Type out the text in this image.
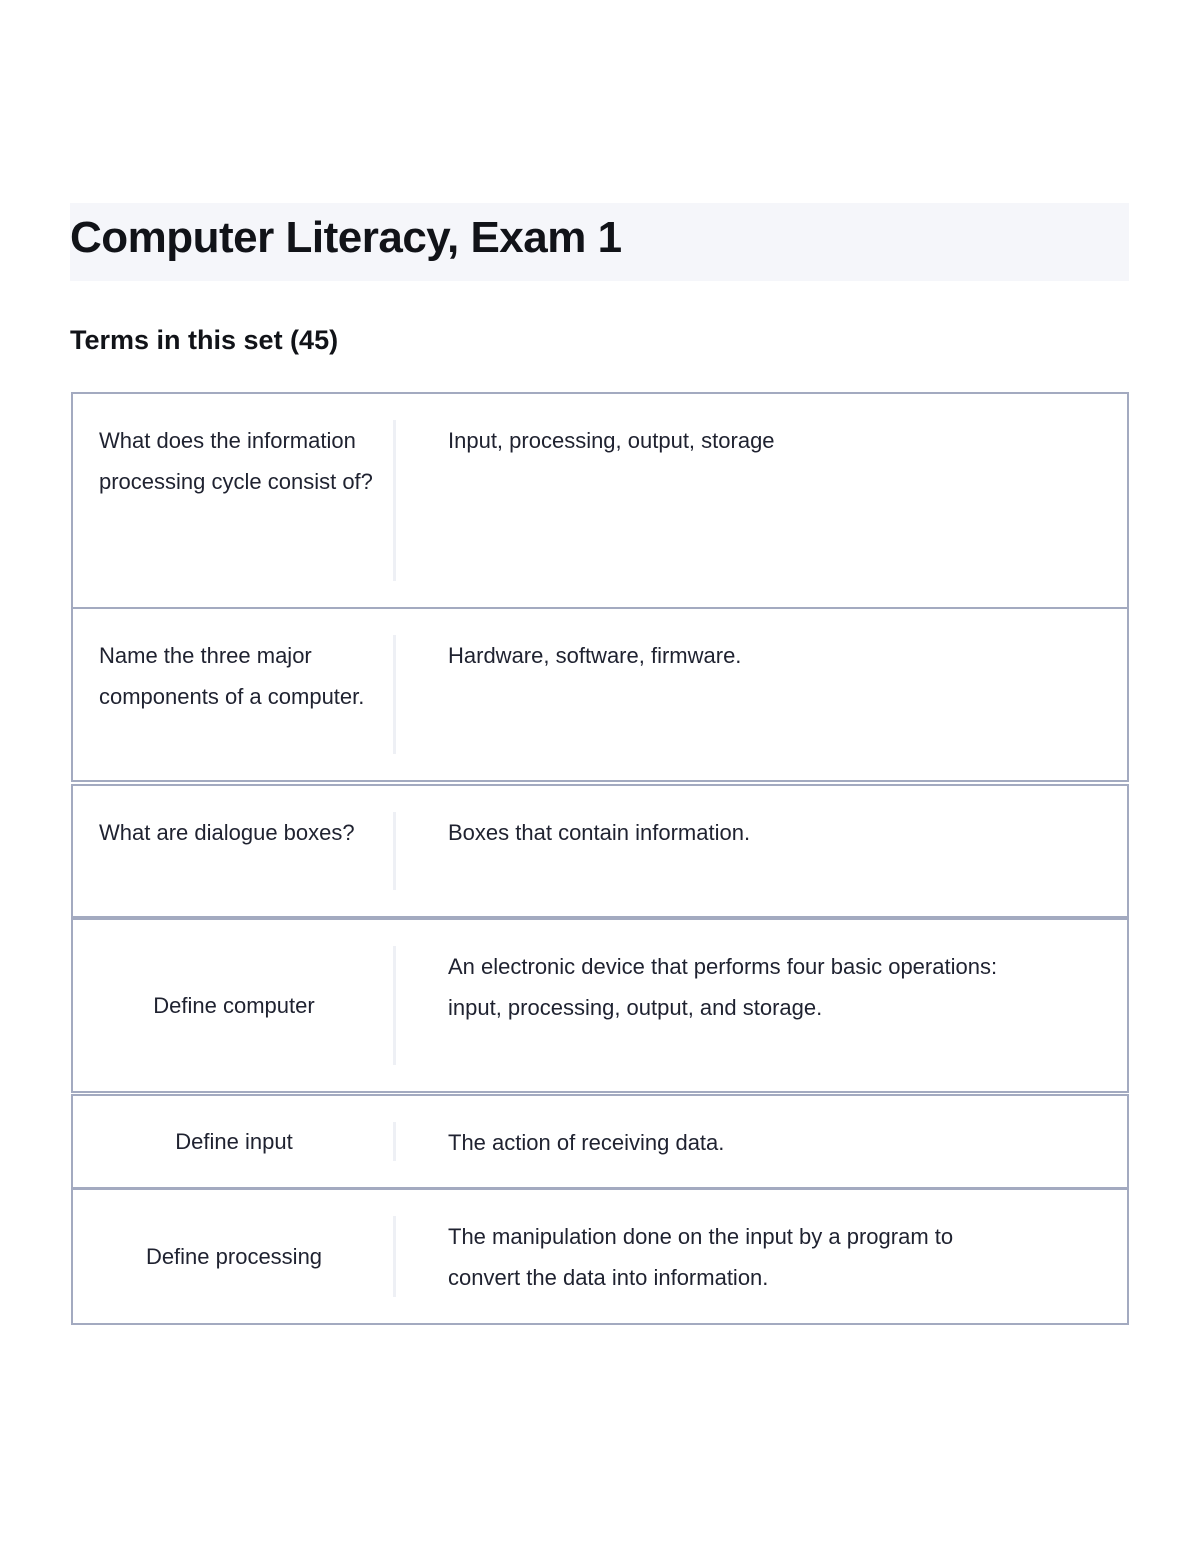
Computer Literacy, Exam 1
Terms in this set (45)
What does the information processing cycle consist of?
Input, processing, output, storage
Name the three major components of a computer.
Hardware, software, firmware.
What are dialogue boxes?	Boxes that contain information.
Define computer
An electronic device that performs four basic operations: input, processing, output, and storage.
Define input	The action of receiving data.
Define processing
The manipulation done on the input by a program to convert the data into information.
